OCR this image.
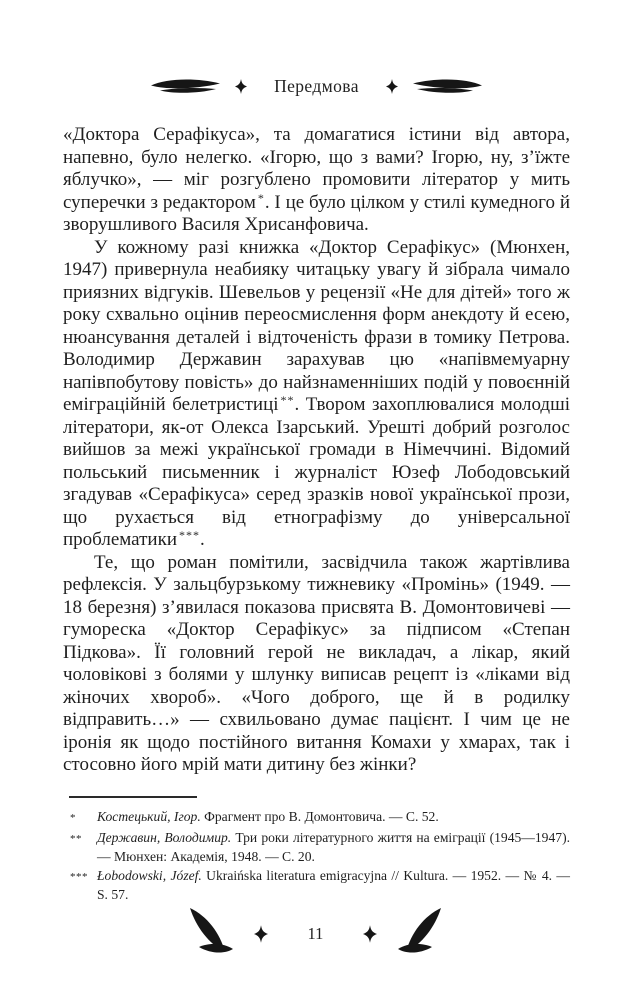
Передмова

«Доктора Серафікуса», та домагатися істини від автора, напевно, було нелегко. «Ігорю, що з вами? Ігорю, ну, з’їжте яблучко», — міг розгублено промовити літератор у мить суперечки з редактором *. І це було цілком у стилі кумедного й зворушливого Василя Хрисанфовича.

У кожному разі книжка «Доктор Серафікус» (Мюнхен, 1947) привернула неабияку читацьку увагу й зібрала чимало приязних відгуків. Шевельов у рецензії «Не для дітей» того ж року схвально оцінив переосмислення форм анекдоту й есею, нюансування деталей і відточеність фрази в томику Петрова. Володимир Державин зарахував цю «напівмемуарну напівпобутову повість» до найзнаменніших подій у повоєнній еміграційній белетристиці **. Твором захоплювалися молодші літератори, як-от Олекса Ізарський. Урешті добрий розголос вийшов за межі української громади в Німеччині. Відомий польський письменник і журналіст Юзеф Лободовський згадував «Серафікуса» серед зразків нової української прози, що рухається від етнографізму до універсальної проблематики ***.

Те, що роман помітили, засвідчила також жартівлива рефлексія. У зальцбурзькому тижневику «Промінь» (1949. — 18 березня) з’явилася показова присвята В. Домонтовичеві — гумореска «Доктор Серафікус» за підписом «Степан Підкова». Її головний герой не викладач, а лікар, який чоловікові з болями у шлунку виписав рецепт із «ліками від жіночих хвороб». «Чого доброго, ще й в родилку відправить…» — схвильовано думає пацієнт. І чим це не іронія як щодо постійного витання Комахи у хмарах, так і стосовно його мрій мати дитину без жінки?

*	Костецький, Ігор. Фрагмент про В. Домонтовича. — С. 52.
**	Державин, Володимир. Три роки літературного життя на еміграції (1945—1947). — Мюнхен: Академія, 1948. — С. 20.
*** Łobodowski, Józef. Ukraińska literatura emigracyjna // Kultura. — 1952. — № 4. — S. 57.
11
